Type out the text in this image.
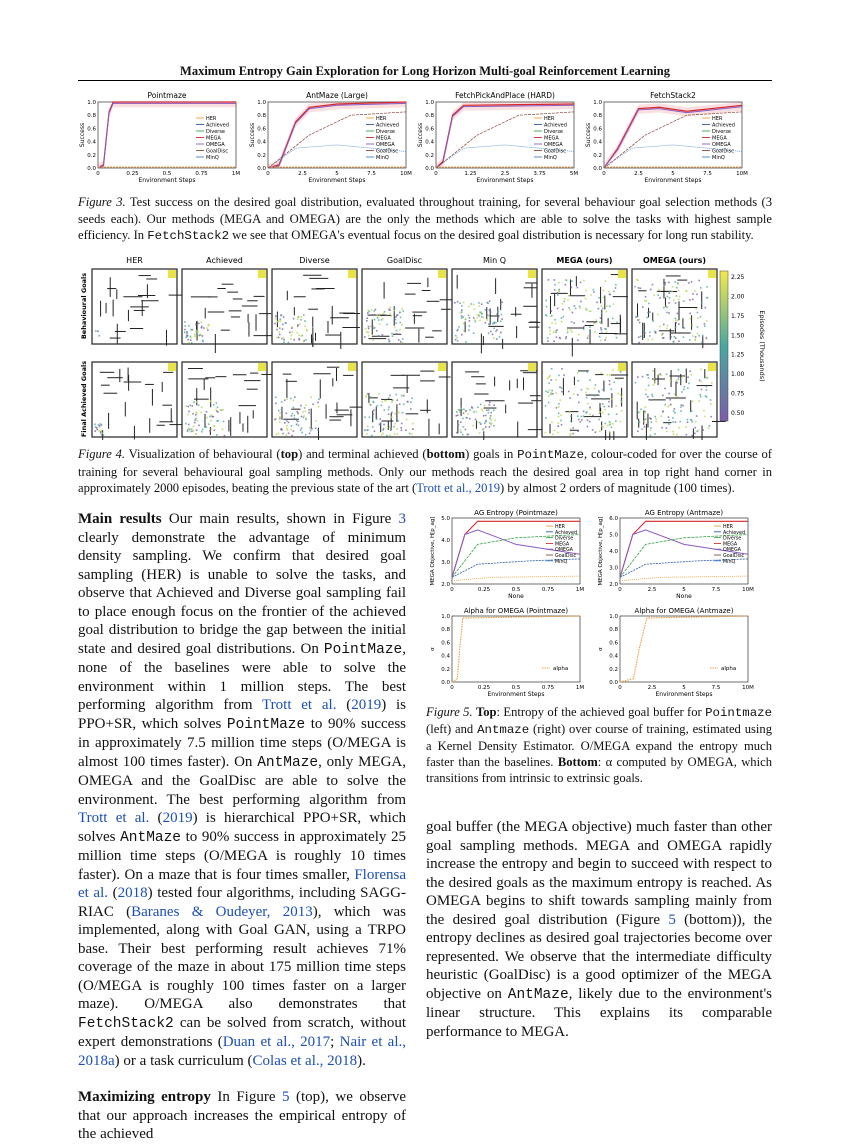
Maximum Entropy Gain Exploration for Long Horizon Multi-goal Reinforcement Learning
Pointmaze
0.0
0.2
0.4
0.6
0.8
1.0
0	0.25	0.5	0.75	1M
Environment Steps
Success
HER
Achieved
Diverse
MEGA
OMEGA
GoalDisc
MinQ
AntMaze (Large)
0.0
0.2
0.4
0.6
0.8
1.0
0	2.5	5	7.5	10M
Environment Steps
Success
HER
Achieved
Diverse
MEGA
OMEGA
GoalDisc
MinQ
FetchPickAndPlace (HARD)
0.0
0.2
0.4
0.6
0.8
1.0
0	1.25	2.5	3.75	5M
Environment Steps
Success
HER
Achieved
Diverse
MEGA
OMEGA
GoalDisc
MinQ
FetchStack2
0.0
0.2
0.4
0.6
0.8
1.0
0	2.5	5	7.5	10M
Environment Steps
Success
HER
Achieved
Diverse
MEGA
OMEGA
GoalDisc
MinQ
Figure 3. Test success on the desired goal distribution, evaluated throughout training, for several behaviour goal selection methods (3 seeds each). Our methods (MEGA and OMEGA) are the only the methods which are able to solve the tasks with highest sample efficiency. In FetchStack2 we see that OMEGA's eventual focus on the desired goal distribution is necessary for long run stability.
HER	Achieved	Diverse	GoalDisc	Min Q	MEGA (ours)	OMEGA (ours)
Behavioural Goals
Final Achieved Goals
2.25
2.00
1.75
1.50
1.25
1.00
0.75
0.50
Episodes (Thousands)
Figure 4. Visualization of behavioural (top) and terminal achieved (bottom) goals in PointMaze, colour-coded for over the course of training for several behavioural goal sampling methods. Only our methods reach the desired goal area in top right hand corner in approximately 2000 episodes, beating the previous state of the art (Trott et al., 2019) by almost 2 orders of magnitude (100 times).
AG Entropy (Pointmaze)
2.0
3.0
4.0
5.0
0	0.25	0.5	0.75	1M
None
MEGA Objective, H[p_ag]	HER
Achieved
Diverse
MEGA
OMEGA
GoalDisc
MinQ
AG Entropy (Antmaze)
2.0
3.0
4.0
5.0
6.0
0	2.5	5	7.5	10M
None
MEGA Objective, H[p_ag]	HER
Achieved
Diverse
MEGA
OMEGA
GoalDisc
MinQ
Alpha for OMEGA (Pointmaze)
0.0
0.2
0.4
0.6
0.8
1.0
0	0.25	0.5	0.75	1M
Environment Steps
α
alpha
Alpha for OMEGA (Antmaze)
0.0
0.2
0.4
0.6
0.8
1.0
0	2.5	5	7.5	10M
Environment Steps
α
alpha
Figure 5. Top: Entropy of the achieved goal buffer for Pointmaze (left) and Antmaze (right) over course of training, estimated using a Kernel Density Estimator. O/MEGA expand the entropy much faster than the baselines. Bottom: α computed by OMEGA, which transitions from intrinsic to extrinsic goals.

Main results Our main results, shown in Figure 3 clearly demonstrate the advantage of minimum density sampling. We confirm that desired goal sampling (HER) is unable to solve the tasks, and observe that Achieved and Diverse goal sampling fail to place enough focus on the frontier of the achieved goal distribution to bridge the gap between the initial state and desired goal distributions. On PointMaze, none of the baselines were able to solve the environment within 1 million steps. The best performing algorithm from Trott et al. (2019) is PPO+SR, which solves PointMaze to 90% success in approximately 7.5 million time steps (O/MEGA is almost 100 times faster). On AntMaze, only MEGA, OMEGA and the GoalDisc are able to solve the environment. The best performing algorithm from Trott et al. (2019) is hierarchical PPO+SR, which solves AntMaze to 90% success in approximately 25 million time steps (O/MEGA is roughly 10 times faster). On a maze that is four times smaller, Florensa et al. (2018) tested four algorithms, including SAGG-RIAC (Baranes & Oudeyer, 2013), which was implemented, along with Goal GAN, using a TRPO base. Their best performing result achieves 71% coverage of the maze in about 175 million time steps (O/MEGA is roughly 100 times faster on a larger maze). O/MEGA also demonstrates that FetchStack2 can be solved from scratch, without expert demonstrations (Duan et al., 2017; Nair et al., 2018a) or a task curriculum (Colas et al., 2018).

Maximizing entropy In Figure 5 (top), we observe that our approach increases the empirical entropy of the achieved

goal buffer (the MEGA objective) much faster than other goal sampling methods. MEGA and OMEGA rapidly increase the entropy and begin to succeed with respect to the desired goals as the maximum entropy is reached. As OMEGA begins to shift towards sampling mainly from the desired goal distribution (Figure 5 (bottom)), the entropy declines as desired goal trajectories become over represented. We observe that the intermediate difficulty heuristic (GoalDisc) is a good optimizer of the MEGA objective on AntMaze, likely due to the environment's linear structure. This explains its comparable performance to MEGA.
